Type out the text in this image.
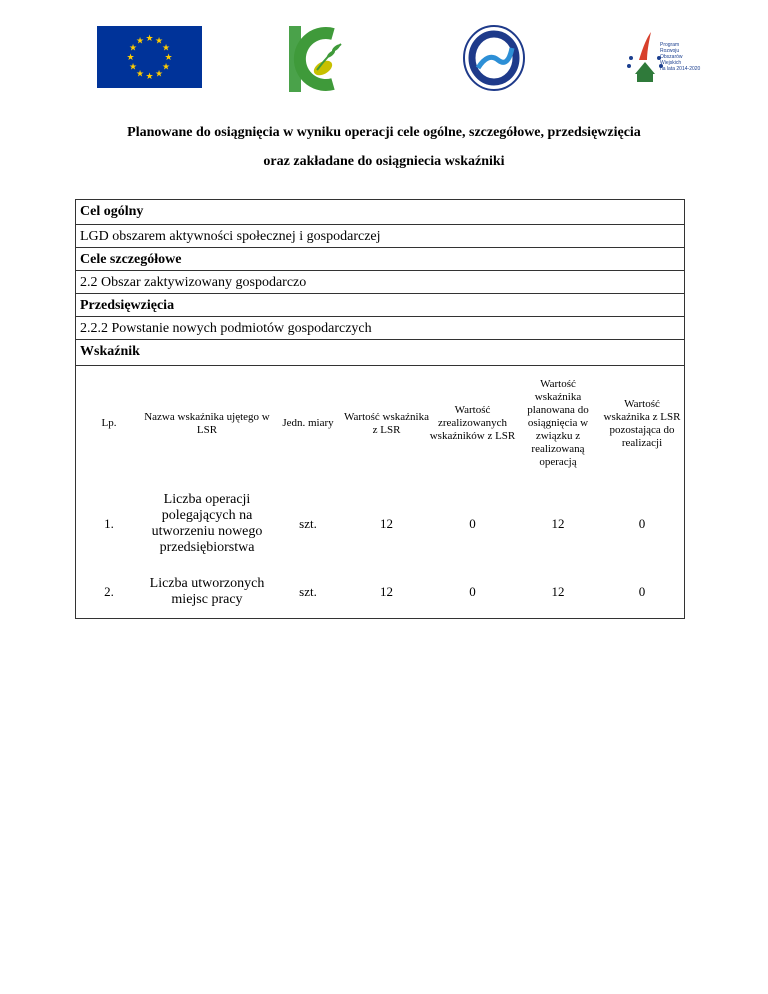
★ ★
★
★
★
★
★
★
★
★
★
★	Program
Rozwoju
Obszarów
Wiejskich
na lata 2014-2020
Planowane do osiągnięcia w wyniku operacji cele ogólne, szczegółowe, przedsięwzięcia
oraz zakładane do osiągniecia wskaźniki
Cel ogólny
LGD obszarem aktywności społecznej i gospodarczej
Cele szczegółowe
2.2 Obszar zaktywizowany gospodarczo
Przedsięwzięcia
2.2.2 Powstanie nowych podmiotów gospodarczych
Wskaźnik
Lp.	Nazwa wskaźnika ujętego w LSR	Jedn. miary	Wartość wskaźnika z LSR	Wartość zrealizowanych wskaźników z LSR	Wartość wskaźnika planowana do osiągnięcia w związku z realizowaną operacją	Wartość wskaźnika z LSR pozostająca do realizacji
1.	Liczba operacji polegających na utworzeniu nowego przedsiębiorstwa	szt.	12	0	12	0
2.	Liczba utworzonych miejsc pracy	szt.	12	0	12	0
